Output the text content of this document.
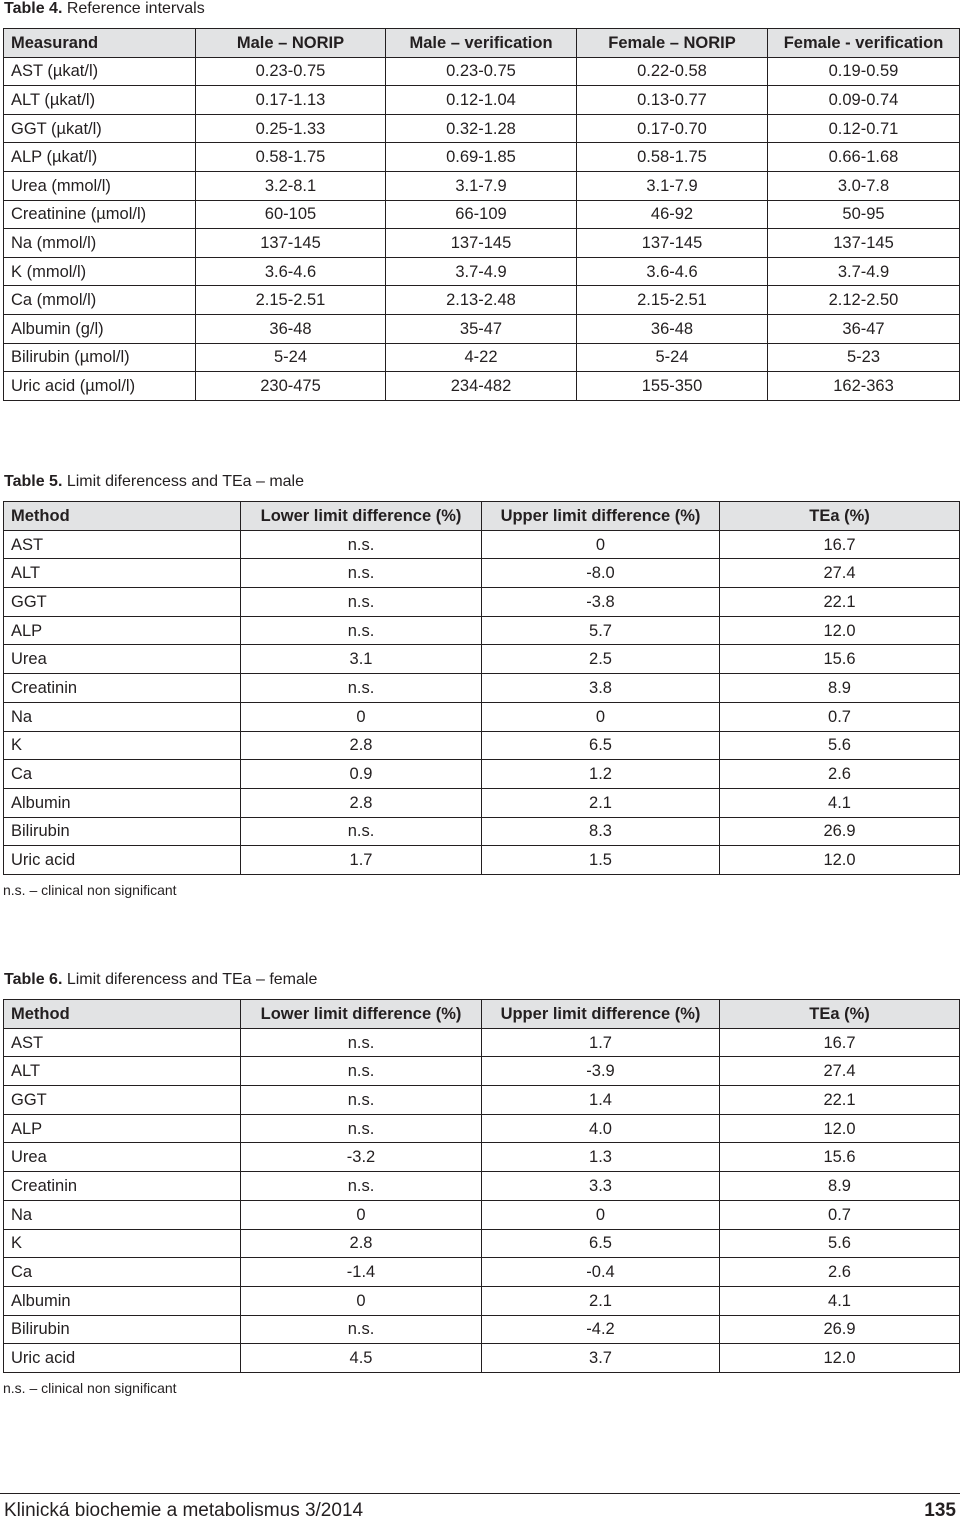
Table 4. Reference intervals
Measurand	Male – NORIP	Male – verification	Female – NORIP	Female - verification
AST (µkat/l)	0.23-0.75	0.23-0.75	0.22-0.58	0.19-0.59
ALT (µkat/l)	0.17-1.13	0.12-1.04	0.13-0.77	0.09-0.74
GGT (µkat/l)	0.25-1.33	0.32-1.28	0.17-0.70	0.12-0.71
ALP (µkat/l)	0.58-1.75	0.69-1.85	0.58-1.75	0.66-1.68
Urea (mmol/l)	3.2-8.1	3.1-7.9	3.1-7.9	3.0-7.8
Creatinine (µmol/l)	60-105	66-109	46-92	50-95
Na (mmol/l)	137-145	137-145	137-145	137-145
K (mmol/l)	3.6-4.6	3.7-4.9	3.6-4.6	3.7-4.9
Ca (mmol/l)	2.15-2.51	2.13-2.48	2.15-2.51	2.12-2.50
Albumin (g/l)	36-48	35-47	36-48	36-47
Bilirubin (µmol/l)	5-24	4-22	5-24	5-23
Uric acid (µmol/l)	230-475	234-482	155-350	162-363
Table 5. Limit diferencess and TEa – male
Method	Lower limit difference (%)	Upper limit difference (%)	TEa (%)
AST	n.s.	0	16.7
ALT	n.s.	-8.0	27.4
GGT	n.s.	-3.8	22.1
ALP	n.s.	5.7	12.0
Urea	3.1	2.5	15.6
Creatinin	n.s.	3.8	8.9
Na	0	0	0.7
K	2.8	6.5	5.6
Ca	0.9	1.2	2.6
Albumin	2.8	2.1	4.1
Bilirubin	n.s.	8.3	26.9
Uric acid	1.7	1.5	12.0
n.s. – clinical non significant
Table 6. Limit diferencess and TEa – female
Method	Lower limit difference (%)	Upper limit difference (%)	TEa (%)
AST	n.s.	1.7	16.7
ALT	n.s.	-3.9	27.4
GGT	n.s.	1.4	22.1
ALP	n.s.	4.0	12.0
Urea	-3.2	1.3	15.6
Creatinin	n.s.	3.3	8.9
Na	0	0	0.7
K	2.8	6.5	5.6
Ca	-1.4	-0.4	2.6
Albumin	0	2.1	4.1
Bilirubin	n.s.	-4.2	26.9
Uric acid	4.5	3.7	12.0
n.s. – clinical non significant
Klinická biochemie a metabolismus 3/2014	135
